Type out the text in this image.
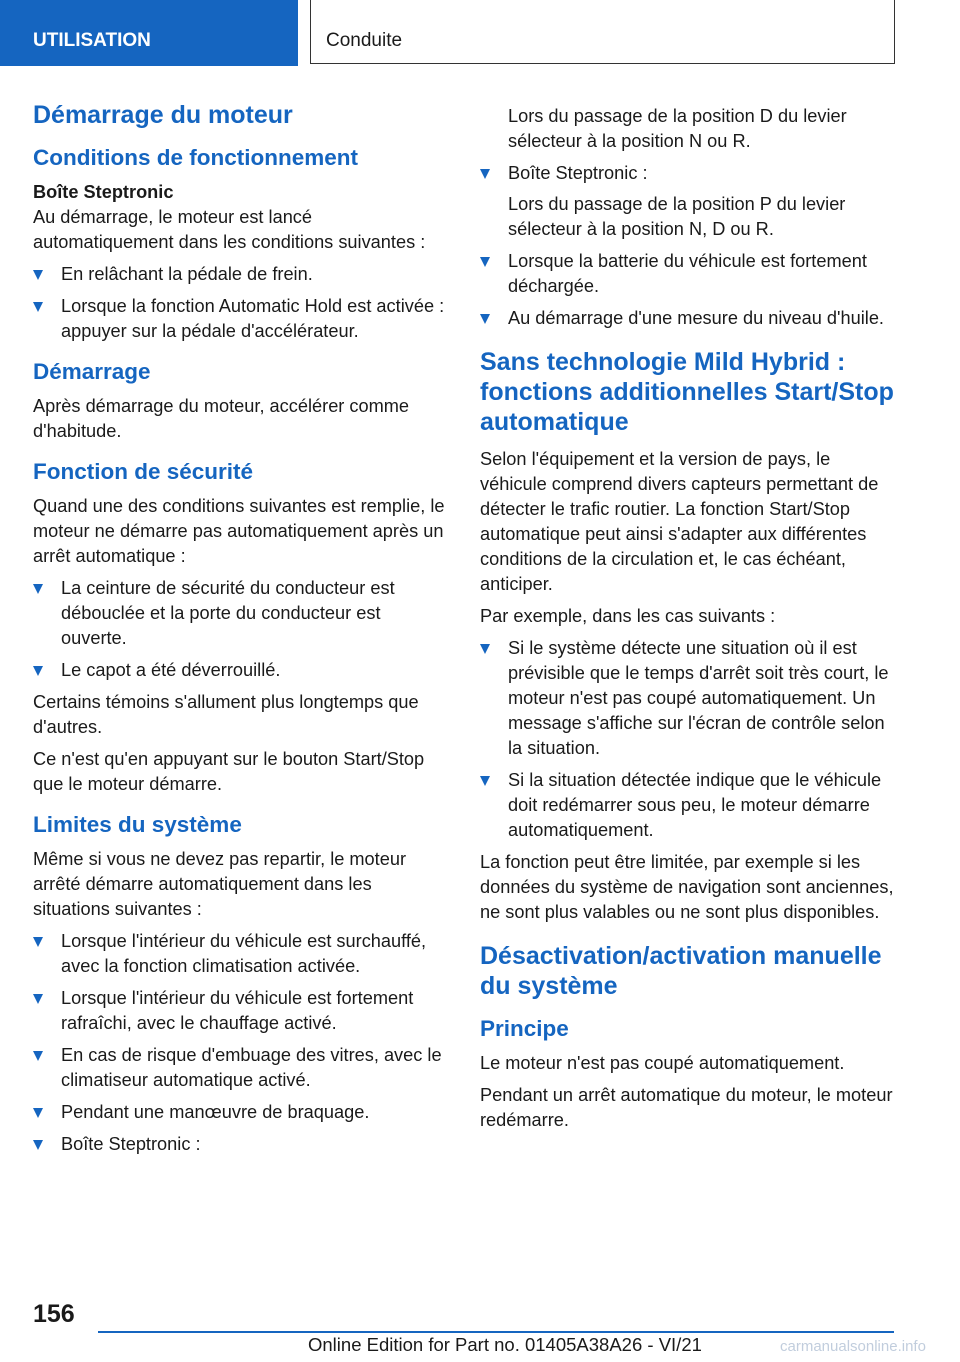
UTILISATION	Conduite
Démarrage du moteur
Conditions de fonctionnement
Boîte Steptronic

Au démarrage, le moteur est lancé automatiquement dans les conditions suivantes :

En relâchant la pédale de frein.
Lorsque la fonction Automatic Hold est activée : appuyer sur la pédale d'accélérateur.
Démarrage

Après démarrage du moteur, accélérer comme d'habitude.

Fonction de sécurité

Quand une des conditions suivantes est remplie, le moteur ne démarre pas automatiquement après un arrêt automatique :

La ceinture de sécurité du conducteur est débouclée et la porte du conducteur est ouverte.
Le capot a été déverrouillé.

Certains témoins s'allument plus longtemps que d'autres.

Ce n'est qu'en appuyant sur le bouton Start/Stop que le moteur démarre.

Limites du système

Même si vous ne devez pas repartir, le moteur arrêté démarre automatiquement dans les situations suivantes :

Lorsque l'intérieur du véhicule est surchauffé, avec la fonction climatisation activée.
Lorsque l'intérieur du véhicule est fortement rafraîchi, avec le chauffage activé.
En cas de risque d'embuage des vitres, avec le climatiseur automatique activé.
Pendant une manœuvre de braquage.
Boîte Steptronic :
Lors du passage de la position D du levier sélecteur à la position N ou R.
Boîte Steptronic :
Lors du passage de la position P du levier sélecteur à la position N, D ou R.
Lorsque la batterie du véhicule est fortement déchargée.
Au démarrage d'une mesure du niveau d'huile.
Sans technologie Mild Hybrid : fonctions additionnelles Start/Stop automatique

Selon l'équipement et la version de pays, le véhicule comprend divers capteurs permettant de détecter le trafic routier. La fonction Start/Stop automatique peut ainsi s'adapter aux différentes conditions de la circulation et, le cas échéant, anticiper.

Par exemple, dans les cas suivants :

Si le système détecte une situation où il est prévisible que le temps d'arrêt soit très court, le moteur n'est pas coupé automatiquement. Un message s'affiche sur l'écran de contrôle selon la situation.
Si la situation détectée indique que le véhicule doit redémarrer sous peu, le moteur démarre automatiquement.

La fonction peut être limitée, par exemple si les données du système de navigation sont anciennes, ne sont plus valables ou ne sont plus disponibles.

Désactivation/activation manuelle du système
Principe

Le moteur n'est pas coupé automatiquement.

Pendant un arrêt automatique du moteur, le moteur redémarre.

156
Online Edition for Part no. 01405A38A26 - VI/21	carmanualsonline.info
